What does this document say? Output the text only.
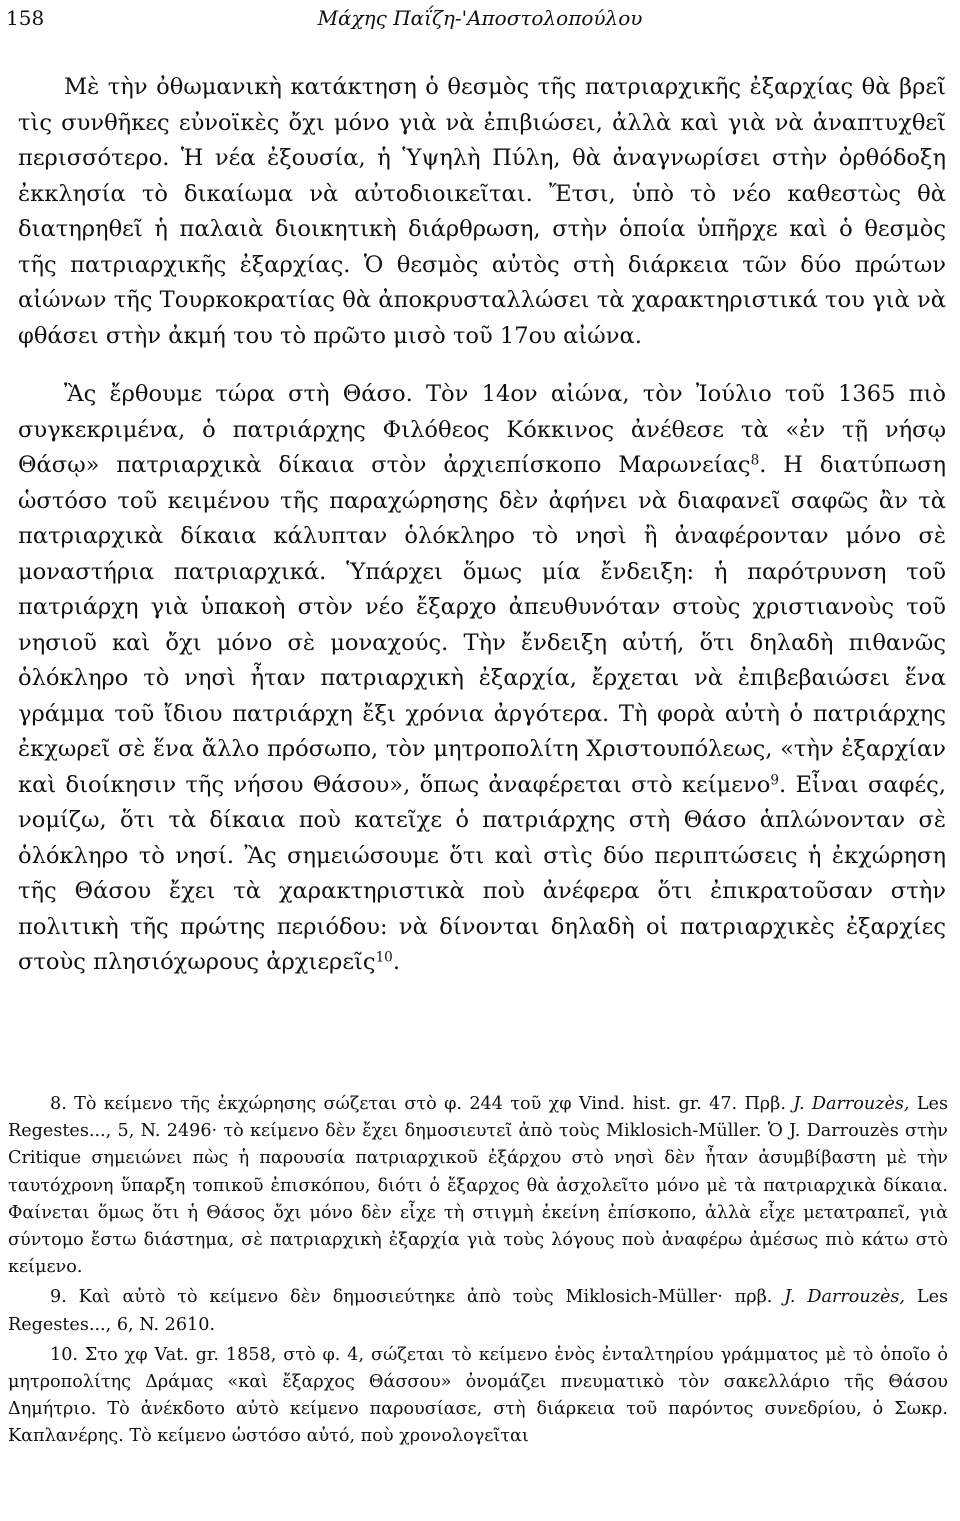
158	Μάχης Παΐζη-'Αποστολοπούλου

Μὲ τὴν ὀθωμανικὴ κατάκτηση ὁ θεσμὸς τῆς πατριαρχικῆς ἐξαρχίας θὰ βρεῖ τὶς συνθῆκες εὐνοϊκὲς ὄχι μόνο γιὰ νὰ ἐπιβιώσει, ἀλλὰ καὶ γιὰ νὰ ἀναπτυχθεῖ περισσότερο. Ἡ νέα ἐξουσία, ἡ Ὑψηλὴ Πύλη, θὰ ἀναγνωρίσει στὴν ὀρθόδοξη ἐκκλησία τὸ δικαίωμα νὰ αὐτοδιοικεῖται. Ἔτσι, ὑπὸ τὸ νέο καθεστὼς θὰ διατηρηθεῖ ἡ παλαιὰ διοικητικὴ διάρθρωση, στὴν ὁποία ὑπῆρχε καὶ ὁ θεσμὸς τῆς πατριαρχικῆς ἐξαρχίας. Ὁ θεσμὸς αὐτὸς στὴ διάρκεια τῶν δύο πρώτων αἰώνων τῆς Τουρκοκρατίας θὰ ἀποκρυσταλλώσει τὰ χαρακτηριστικά του γιὰ νὰ φθάσει στὴν ἀκμή του τὸ πρῶτο μισὸ τοῦ 17ου αἰώνα.

Ἂς ἔρθουμε τώρα στὴ Θάσο. Τὸν 14ον αἰώνα, τὸν Ἰούλιο τοῦ 1365 πιὸ συγκεκριμένα, ὁ πατριάρχης Φιλόθεος Κόκκινος ἀνέθεσε τὰ «ἐν τῇ νήσῳ Θάσῳ» πατριαρχικὰ δίκαια στὸν ἀρχιεπίσκοπο Μαρωνείας$^8$. Η διατύπωση ὡστόσο τοῦ κειμένου τῆς παραχώρησης δὲν ἀφήνει νὰ διαφανεῖ σαφῶς ἂν τὰ πατριαρχικὰ δίκαια κάλυπταν ὁλόκληρο τὸ νησὶ ἢ ἀναφέρονταν μόνο σὲ μοναστήρια πατριαρχικά. Ὑπάρχει ὅμως μία ἔνδειξη: ἡ παρότρυνση τοῦ πατριάρχη γιὰ ὑπακοὴ στὸν νέο ἔξαρχο ἀπευθυνόταν στοὺς χριστιανοὺς τοῦ νησιοῦ καὶ ὄχι μόνο σὲ μοναχούς. Τὴν ἔνδειξη αὐτή, ὅτι δηλαδὴ πιθανῶς ὁλόκληρο τὸ νησὶ ἦταν πατριαρχικὴ ἐξαρχία, ἔρχεται νὰ ἐπιβεβαιώσει ἕνα γράμμα τοῦ ἴδιου πατριάρχη ἔξι χρόνια ἀργότερα. Τὴ φορὰ αὐτὴ ὁ πατριάρχης ἐκχωρεῖ σὲ ἕνα ἄλλο πρόσωπο, τὸν μητροπολίτη Χριστουπόλεως, «τὴν ἐξαρχίαν καὶ διοίκησιν τῆς νήσου Θάσου», ὅπως ἀναφέρεται στὸ κείμενο$^9$. Εἶναι σαφές, νομίζω, ὅτι τὰ δίκαια ποὺ κατεῖχε ὁ πατριάρχης στὴ Θάσο ἁπλώνονταν σὲ ὁλόκληρο τὸ νησί. Ἂς σημειώσουμε ὅτι καὶ στὶς δύο περιπτώσεις ἡ ἐκχώρηση τῆς Θάσου ἔχει τὰ χαρακτηριστικὰ ποὺ ἀνέφερα ὅτι ἐπικρατοῦσαν στὴν πολιτικὴ τῆς πρώτης περιόδου: νὰ δίνονται δηλαδὴ οἱ πατριαρχικὲς ἐξαρχίες στοὺς πλησιόχωρους ἀρχιερεῖς$^{10}$.

8. Τὸ κείμενο τῆς ἐκχώρησης σώζεται στὸ φ. 244 τοῦ χφ Vind. hist. gr. 47. Πρβ. J. Darrouzès, Les Regestes..., 5, N. 2496· τὸ κείμενο δὲν ἔχει δημοσιευτεῖ ἀπὸ τοὺς Miklosich-Müller. Ὁ J. Darrouzès στὴν Critique σημειώνει πὼς ἡ παρουσία πατριαρχικοῦ ἐξάρχου στὸ νησὶ δὲν ἦταν ἀσυμβίβαστη μὲ τὴν ταυτόχρονη ὕπαρξη τοπικοῦ ἐπισκόπου, διότι ὁ ἔξαρχος θὰ ἀσχολεῖτο μόνο μὲ τὰ πατριαρχικὰ δίκαια. Φαίνεται ὅμως ὅτι ἡ Θάσος ὄχι μόνο δὲν εἶχε τὴ στιγμὴ ἐκείνη ἐπίσκοπο, ἀλλὰ εἶχε μετατραπεῖ, γιὰ σύντομο ἔστω διάστημα, σὲ πατριαρχικὴ ἐξαρχία γιὰ τοὺς λόγους ποὺ ἀναφέρω ἀμέσως πιὸ κάτω στὸ κείμενο.

9. Καὶ αὐτὸ τὸ κείμενο δὲν δημοσιεύτηκε ἀπὸ τοὺς Miklosich-Müller· πρβ. J. Darrouzès, Les Regestes..., 6, N. 2610.

10. Στο χφ Vat. gr. 1858, στὸ φ. 4, σώζεται τὸ κείμενο ἑνὸς ἐνταλτηρίου γράμματος μὲ τὸ ὁποῖο ὁ μητροπολίτης Δράμας «καὶ ἔξαρχος Θάσσου» ὀνομάζει πνευματικὸ τὸν σακελλάριο τῆς Θάσου Δημήτριο. Τὸ ἀνέκδοτο αὐτὸ κείμενο παρουσίασε, στὴ διάρκεια τοῦ παρόντος συνεδρίου, ὁ Σωκρ. Καπλανέρης. Τὸ κείμενο ὡστόσο αὐτό, ποὺ χρονολογεῖται
